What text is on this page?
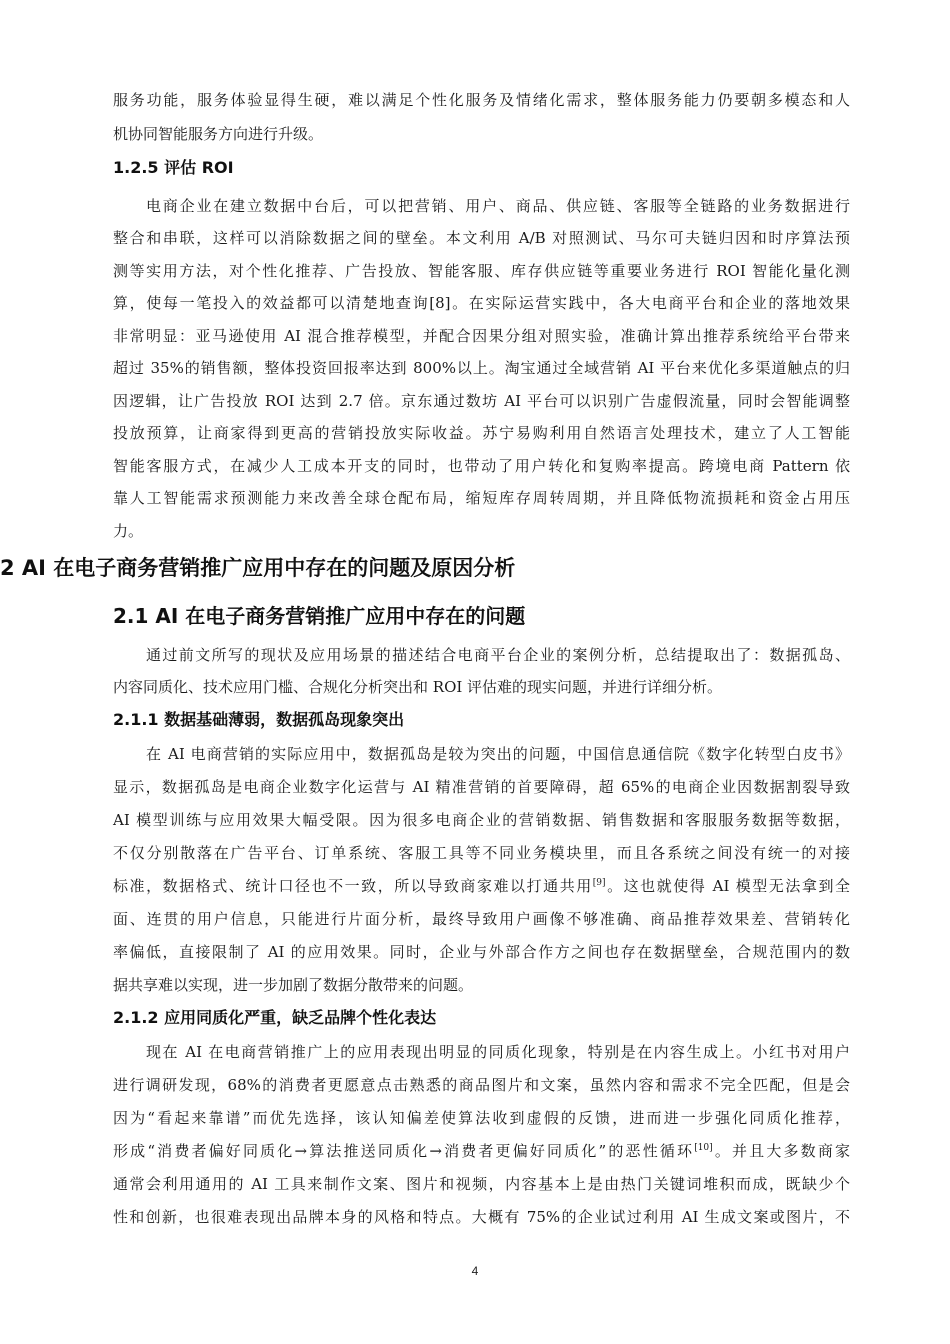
服务功能，服务体验显得生硬，难以满足个性化服务及情绪化需求，整体服务能力仍要朝多模态和人

机协同智能服务方向进行升级。

1.2.5 评估 ROI

电商企业在建立数据中台后，可以把营销、用户、商品、供应链、客服等全链路的业务数据进行

整合和串联，这样可以消除数据之间的壁垒。本文利用 A/B 对照测试、马尔可夫链归因和时序算法预

测等实用方法，对个性化推荐、广告投放、智能客服、库存供应链等重要业务进行 ROI 智能化量化测

算，使每一笔投入的效益都可以清楚地查询[8]。在实际运营实践中，各大电商平台和企业的落地效果

非常明显：亚马逊使用 AI 混合推荐模型，并配合因果分组对照实验，准确计算出推荐系统给平台带来

超过 35%的销售额，整体投资回报率达到 800%以上。淘宝通过全域营销 AI 平台来优化多渠道触点的归

因逻辑，让广告投放 ROI 达到 2.7 倍。京东通过数坊 AI 平台可以识别广告虚假流量，同时会智能调整

投放预算，让商家得到更高的营销投放实际收益。苏宁易购利用自然语言处理技术，建立了人工智能

智能客服方式，在减少人工成本开支的同时，也带动了用户转化和复购率提高。跨境电商 Pattern 依

靠人工智能需求预测能力来改善全球仓配布局，缩短库存周转周期，并且降低物流损耗和资金占用压

力。

2 AI 在电子商务营销推广应用中存在的问题及原因分析
2.1 AI 在电子商务营销推广应用中存在的问题

通过前文所写的现状及应用场景的描述结合电商平台企业的案例分析，总结提取出了：数据孤岛、

内容同质化、技术应用门槛、合规化分析突出和 ROI 评估难的现实问题，并进行详细分析。

2.1.1 数据基础薄弱，数据孤岛现象突出

在 AI 电商营销的实际应用中，数据孤岛是较为突出的问题，中国信息通信院《数字化转型白皮书》

显示，数据孤岛是电商企业数字化运营与 AI 精准营销的首要障碍，超 65%的电商企业因数据割裂导致

AI 模型训练与应用效果大幅受限。因为很多电商企业的营销数据、销售数据和客服服务数据等数据，

不仅分别散落在广告平台、订单系统、客服工具等不同业务模块里，而且各系统之间没有统一的对接

标准，数据格式、统计口径也不一致，所以导致商家难以打通共用[9]。这也就使得 AI 模型无法拿到全

面、连贯的用户信息，只能进行片面分析，最终导致用户画像不够准确、商品推荐效果差、营销转化

率偏低，直接限制了 AI 的应用效果。同时，企业与外部合作方之间也存在数据壁垒，合规范围内的数

据共享难以实现，进一步加剧了数据分散带来的问题。

2.1.2 应用同质化严重，缺乏品牌个性化表达

现在 AI 在电商营销推广上的应用表现出明显的同质化现象，特别是在内容生成上。小红书对用户

进行调研发现，68%的消费者更愿意点击熟悉的商品图片和文案，虽然内容和需求不完全匹配，但是会

因为“看起来靠谱”而优先选择，该认知偏差使算法收到虚假的反馈，进而进一步强化同质化推荐，

形成“消费者偏好同质化→算法推送同质化→消费者更偏好同质化”的恶性循环[10]。并且大多数商家

通常会利用通用的 AI 工具来制作文案、图片和视频，内容基本上是由热门关键词堆积而成，既缺少个

性和创新，也很难表现出品牌本身的风格和特点。大概有 75%的企业试过利用 AI 生成文案或图片，不

4
